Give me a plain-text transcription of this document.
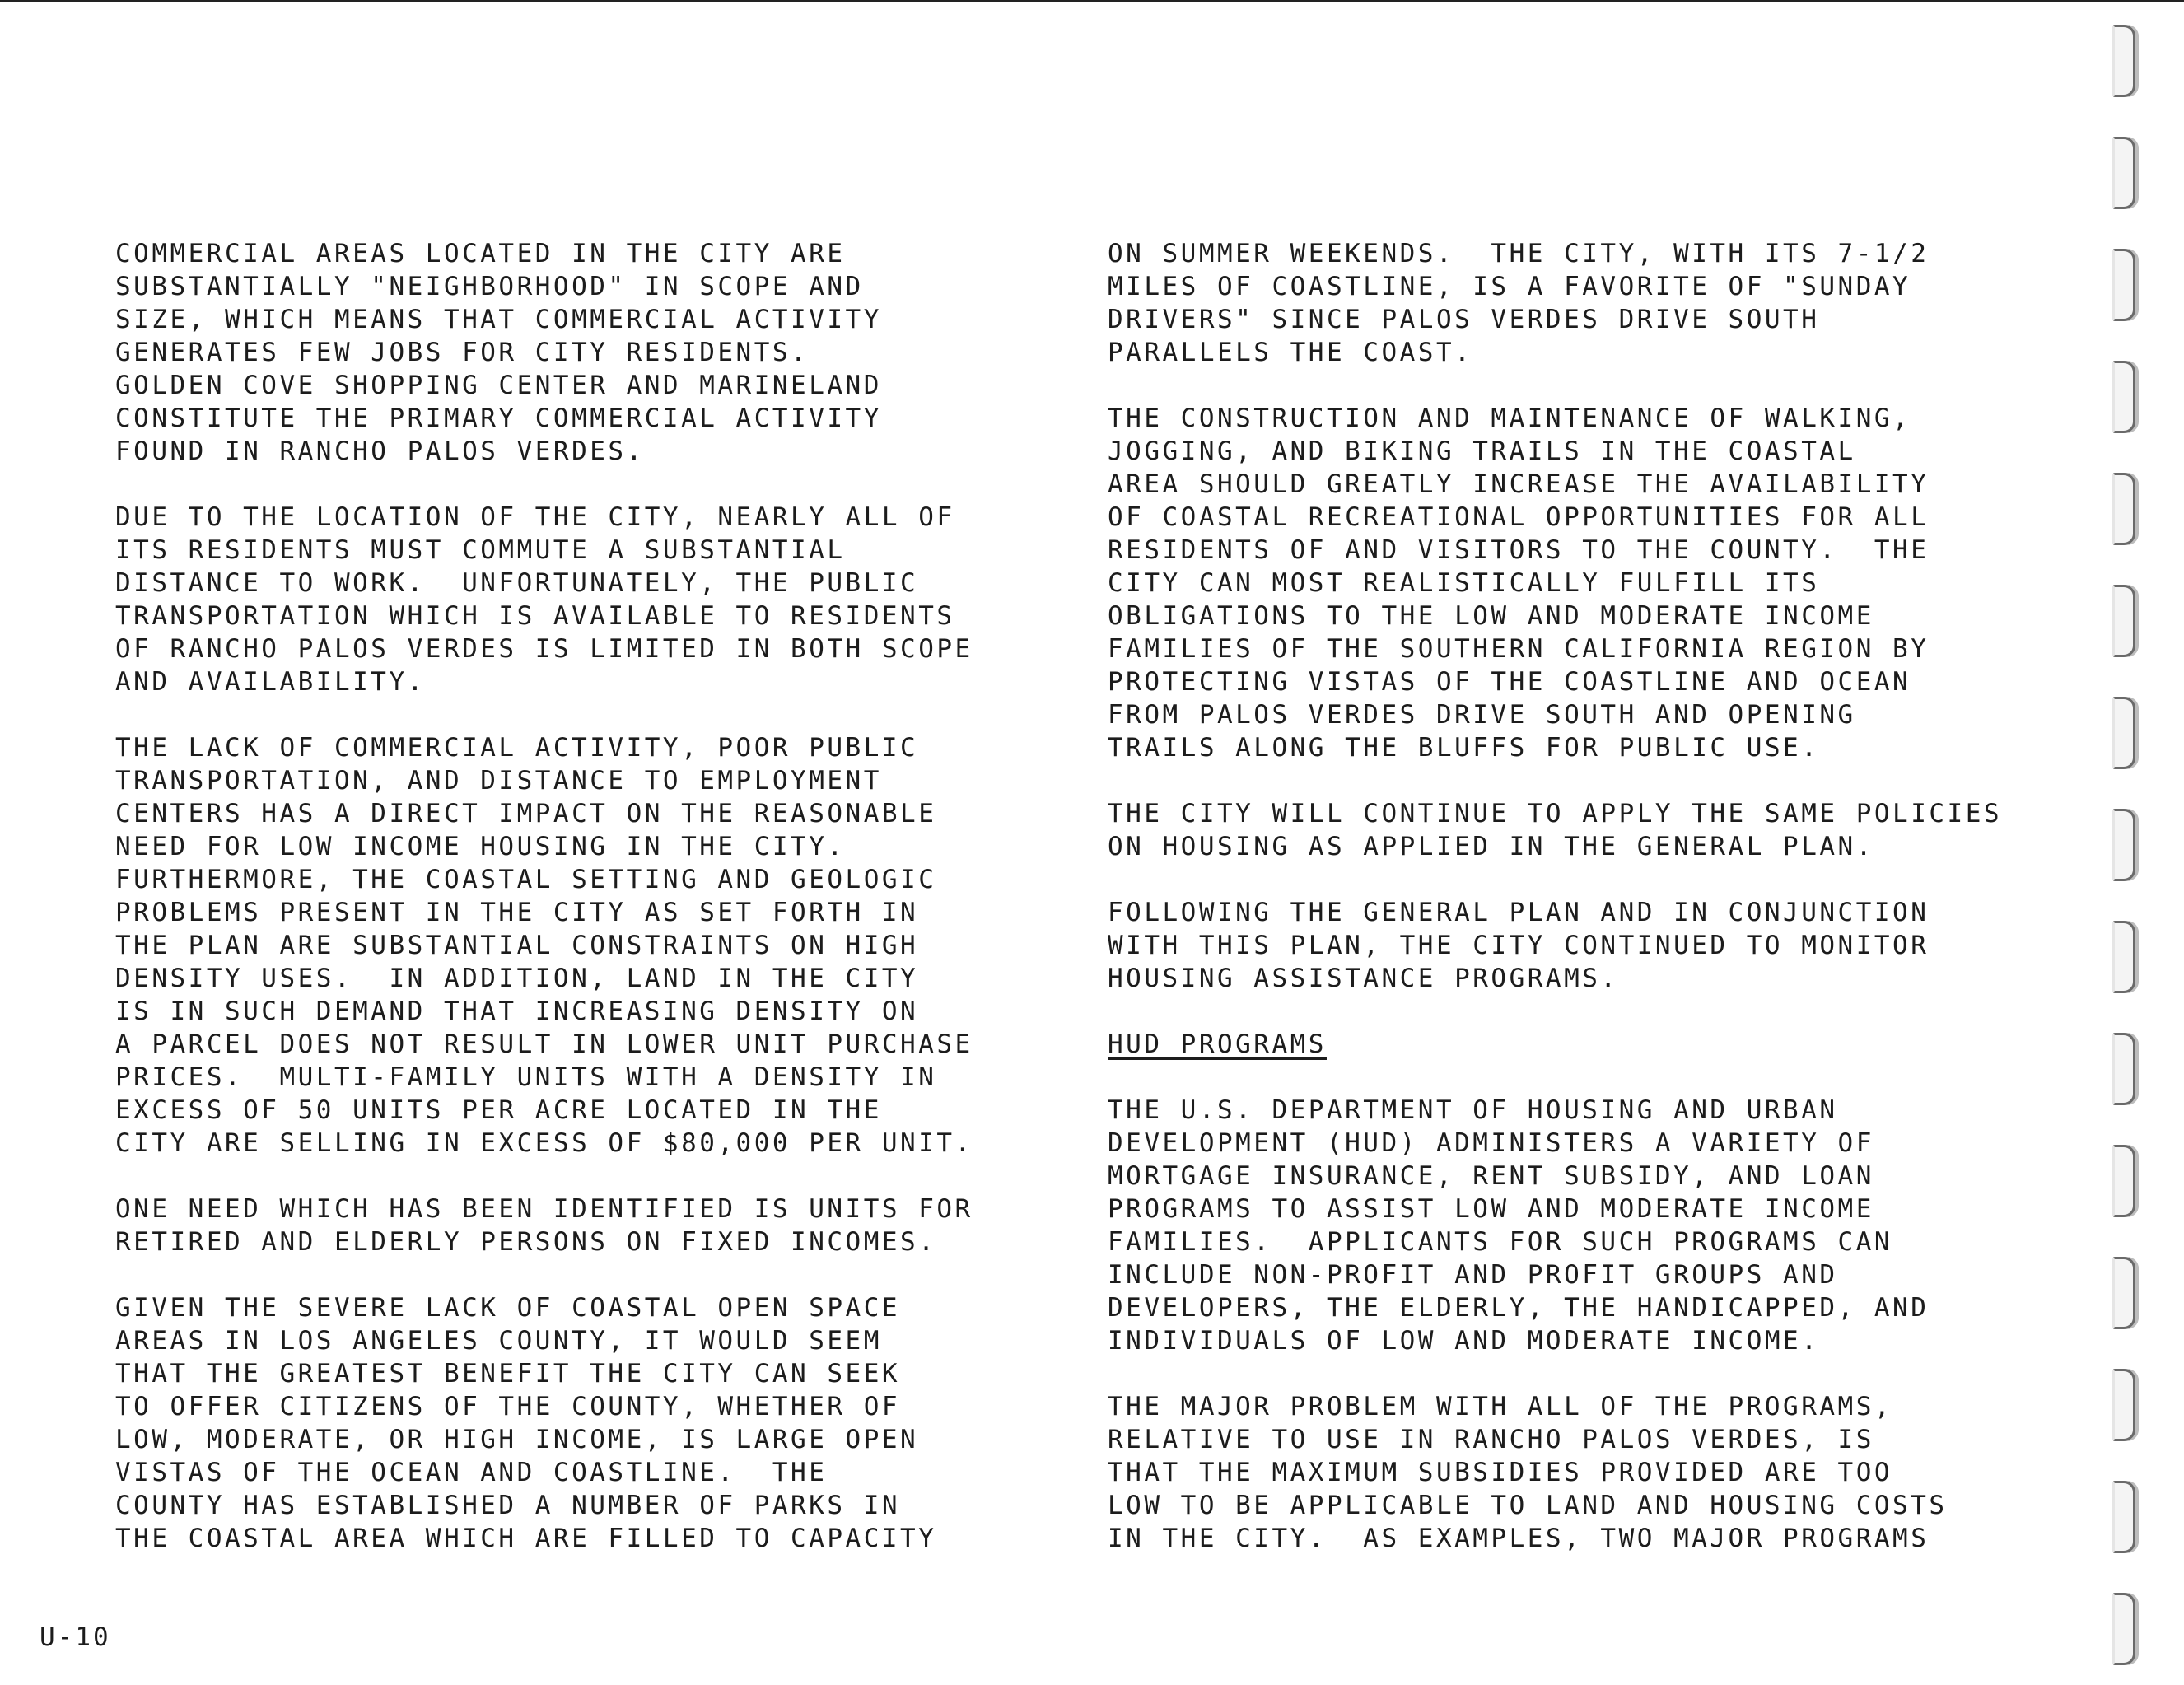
COMMERCIAL AREAS LOCATED IN THE CITY ARE
SUBSTANTIALLY "NEIGHBORHOOD" IN SCOPE AND
SIZE, WHICH MEANS THAT COMMERCIAL ACTIVITY
GENERATES FEW JOBS FOR CITY RESIDENTS.
GOLDEN COVE SHOPPING CENTER AND MARINELAND
CONSTITUTE THE PRIMARY COMMERCIAL ACTIVITY
FOUND IN RANCHO PALOS VERDES.

DUE TO THE LOCATION OF THE CITY, NEARLY ALL OF
ITS RESIDENTS MUST COMMUTE A SUBSTANTIAL
DISTANCE TO WORK.  UNFORTUNATELY, THE PUBLIC
TRANSPORTATION WHICH IS AVAILABLE TO RESIDENTS
OF RANCHO PALOS VERDES IS LIMITED IN BOTH SCOPE
AND AVAILABILITY.

THE LACK OF COMMERCIAL ACTIVITY, POOR PUBLIC
TRANSPORTATION, AND DISTANCE TO EMPLOYMENT
CENTERS HAS A DIRECT IMPACT ON THE REASONABLE
NEED FOR LOW INCOME HOUSING IN THE CITY.
FURTHERMORE, THE COASTAL SETTING AND GEOLOGIC
PROBLEMS PRESENT IN THE CITY AS SET FORTH IN
THE PLAN ARE SUBSTANTIAL CONSTRAINTS ON HIGH
DENSITY USES.  IN ADDITION, LAND IN THE CITY
IS IN SUCH DEMAND THAT INCREASING DENSITY ON
A PARCEL DOES NOT RESULT IN LOWER UNIT PURCHASE
PRICES.  MULTI-FAMILY UNITS WITH A DENSITY IN
EXCESS OF 50 UNITS PER ACRE LOCATED IN THE
CITY ARE SELLING IN EXCESS OF $80,000 PER UNIT.

ONE NEED WHICH HAS BEEN IDENTIFIED IS UNITS FOR
RETIRED AND ELDERLY PERSONS ON FIXED INCOMES.

GIVEN THE SEVERE LACK OF COASTAL OPEN SPACE
AREAS IN LOS ANGELES COUNTY, IT WOULD SEEM
THAT THE GREATEST BENEFIT THE CITY CAN SEEK
TO OFFER CITIZENS OF THE COUNTY, WHETHER OF
LOW, MODERATE, OR HIGH INCOME, IS LARGE OPEN
VISTAS OF THE OCEAN AND COASTLINE.  THE
COUNTY HAS ESTABLISHED A NUMBER OF PARKS IN
THE COASTAL AREA WHICH ARE FILLED TO CAPACITY

ON SUMMER WEEKENDS.  THE CITY, WITH ITS 7-1/2
MILES OF COASTLINE, IS A FAVORITE OF "SUNDAY
DRIVERS" SINCE PALOS VERDES DRIVE SOUTH
PARALLELS THE COAST.

THE CONSTRUCTION AND MAINTENANCE OF WALKING,
JOGGING, AND BIKING TRAILS IN THE COASTAL
AREA SHOULD GREATLY INCREASE THE AVAILABILITY
OF COASTAL RECREATIONAL OPPORTUNITIES FOR ALL
RESIDENTS OF AND VISITORS TO THE COUNTY.  THE
CITY CAN MOST REALISTICALLY FULFILL ITS
OBLIGATIONS TO THE LOW AND MODERATE INCOME
FAMILIES OF THE SOUTHERN CALIFORNIA REGION BY
PROTECTING VISTAS OF THE COASTLINE AND OCEAN
FROM PALOS VERDES DRIVE SOUTH AND OPENING
TRAILS ALONG THE BLUFFS FOR PUBLIC USE.

THE CITY WILL CONTINUE TO APPLY THE SAME POLICIES
ON HOUSING AS APPLIED IN THE GENERAL PLAN.

FOLLOWING THE GENERAL PLAN AND IN CONJUNCTION
WITH THIS PLAN, THE CITY CONTINUED TO MONITOR
HOUSING ASSISTANCE PROGRAMS.

HUD PROGRAMS

THE U.S. DEPARTMENT OF HOUSING AND URBAN
DEVELOPMENT (HUD) ADMINISTERS A VARIETY OF
MORTGAGE INSURANCE, RENT SUBSIDY, AND LOAN
PROGRAMS TO ASSIST LOW AND MODERATE INCOME
FAMILIES.  APPLICANTS FOR SUCH PROGRAMS CAN
INCLUDE NON-PROFIT AND PROFIT GROUPS AND
DEVELOPERS, THE ELDERLY, THE HANDICAPPED, AND
INDIVIDUALS OF LOW AND MODERATE INCOME.

THE MAJOR PROBLEM WITH ALL OF THE PROGRAMS,
RELATIVE TO USE IN RANCHO PALOS VERDES, IS
THAT THE MAXIMUM SUBSIDIES PROVIDED ARE TOO
LOW TO BE APPLICABLE TO LAND AND HOUSING COSTS
IN THE CITY.  AS EXAMPLES, TWO MAJOR PROGRAMS

U-10
